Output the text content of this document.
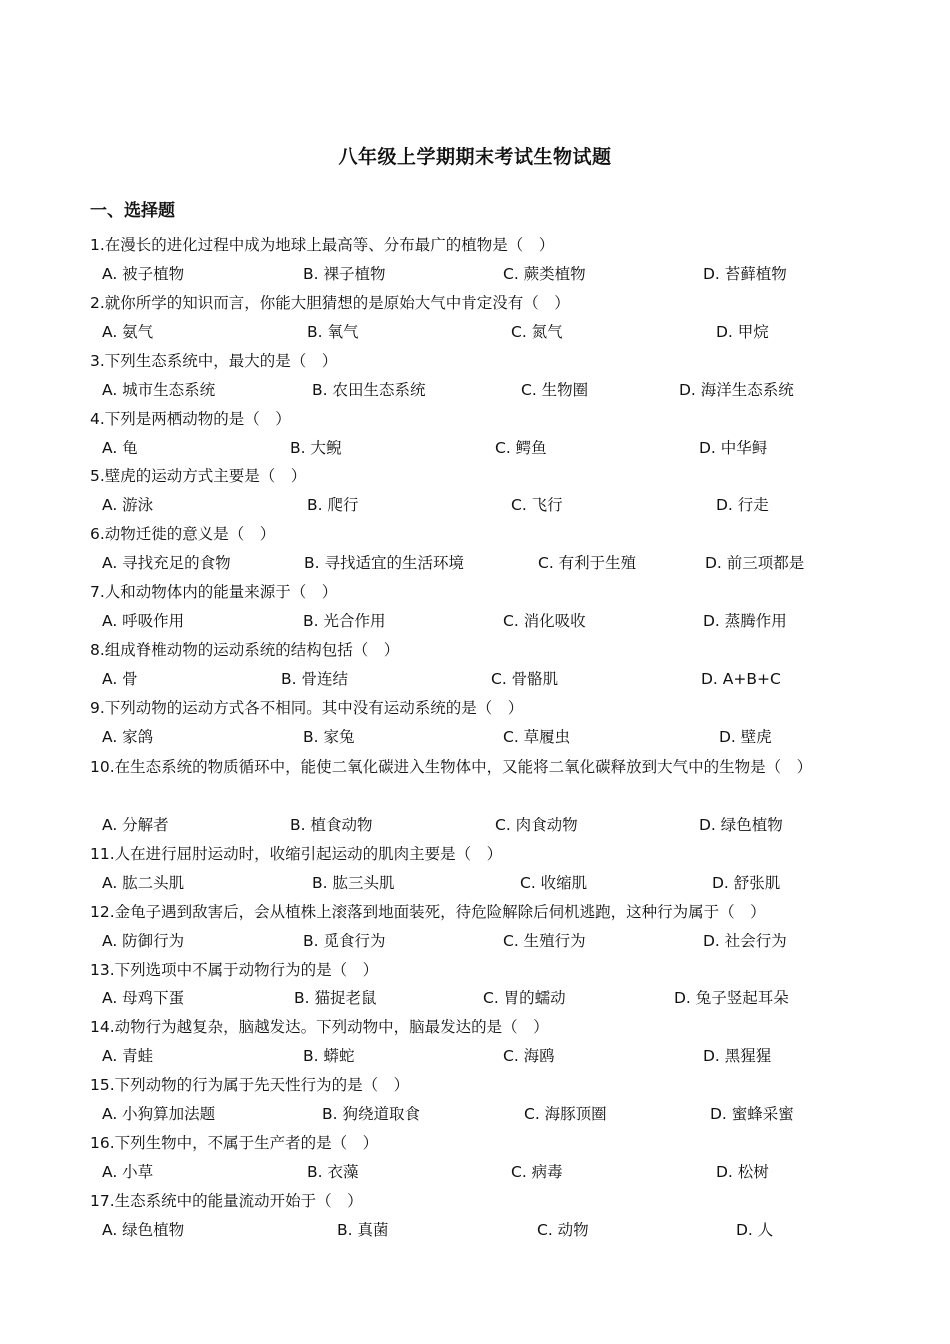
八年级上学期期末考试生物试题
一、选择题
1.在漫长的进化过程中成为地球上最高等、分布最广的植物是（　）
A. 被子植物	B. 裸子植物	C. 蕨类植物	D. 苔藓植物
2.就你所学的知识而言，你能大胆猜想的是原始大气中肯定没有（　）
A. 氨气	B. 氧气	C. 氮气	D. 甲烷
3.下列生态系统中，最大的是（　）
A. 城市生态系统	B. 农田生态系统	C. 生物圈	D. 海洋生态系统
4.下列是两栖动物的是（　）
A. 龟	B. 大鲵	C. 鳄鱼	D. 中华鲟
5.壁虎的运动方式主要是（　）
A. 游泳	B. 爬行	C. 飞行	D. 行走
6.动物迁徙的意义是（　）
A. 寻找充足的食物	B. 寻找适宜的生活环境	C. 有利于生殖	D. 前三项都是
7.人和动物体内的能量来源于（　）
A. 呼吸作用	B. 光合作用	C. 消化吸收	D. 蒸腾作用
8.组成脊椎动物的运动系统的结构包括（　）
A. 骨	B. 骨连结	C. 骨骼肌	D. A+B+C
9.下列动物的运动方式各不相同。其中没有运动系统的是（　）
A. 家鸽	B. 家兔	C. 草履虫	D. 壁虎
10.在生态系统的物质循环中，能使二氧化碳进入生物体中，又能将二氧化碳释放到大气中的生物是（　）
A. 分解者	B. 植食动物	C. 肉食动物	D. 绿色植物
11.人在进行屈肘运动时，收缩引起运动的肌肉主要是（　）
A. 肱二头肌	B. 肱三头肌	C. 收缩肌	D. 舒张肌
12.金龟子遇到敌害后，会从植株上滚落到地面装死，待危险解除后伺机逃跑，这种行为属于（　）
A. 防御行为	B. 觅食行为	C. 生殖行为	D. 社会行为
13.下列选项中不属于动物行为的是（　）
A. 母鸡下蛋	B. 猫捉老鼠	C. 胃的蠕动	D. 兔子竖起耳朵
14.动物行为越复杂，脑越发达。下列动物中，脑最发达的是（　）
A. 青蛙	B. 蟒蛇	C. 海鸥	D. 黑猩猩
15.下列动物的行为属于先天性行为的是（　）
A. 小狗算加法题	B. 狗绕道取食	C. 海豚顶圈	D. 蜜蜂采蜜
16.下列生物中，不属于生产者的是（　）
A. 小草	B. 衣藻	C. 病毒	D. 松树
17.生态系统中的能量流动开始于（　）
A. 绿色植物	B. 真菌	C. 动物	D. 人
